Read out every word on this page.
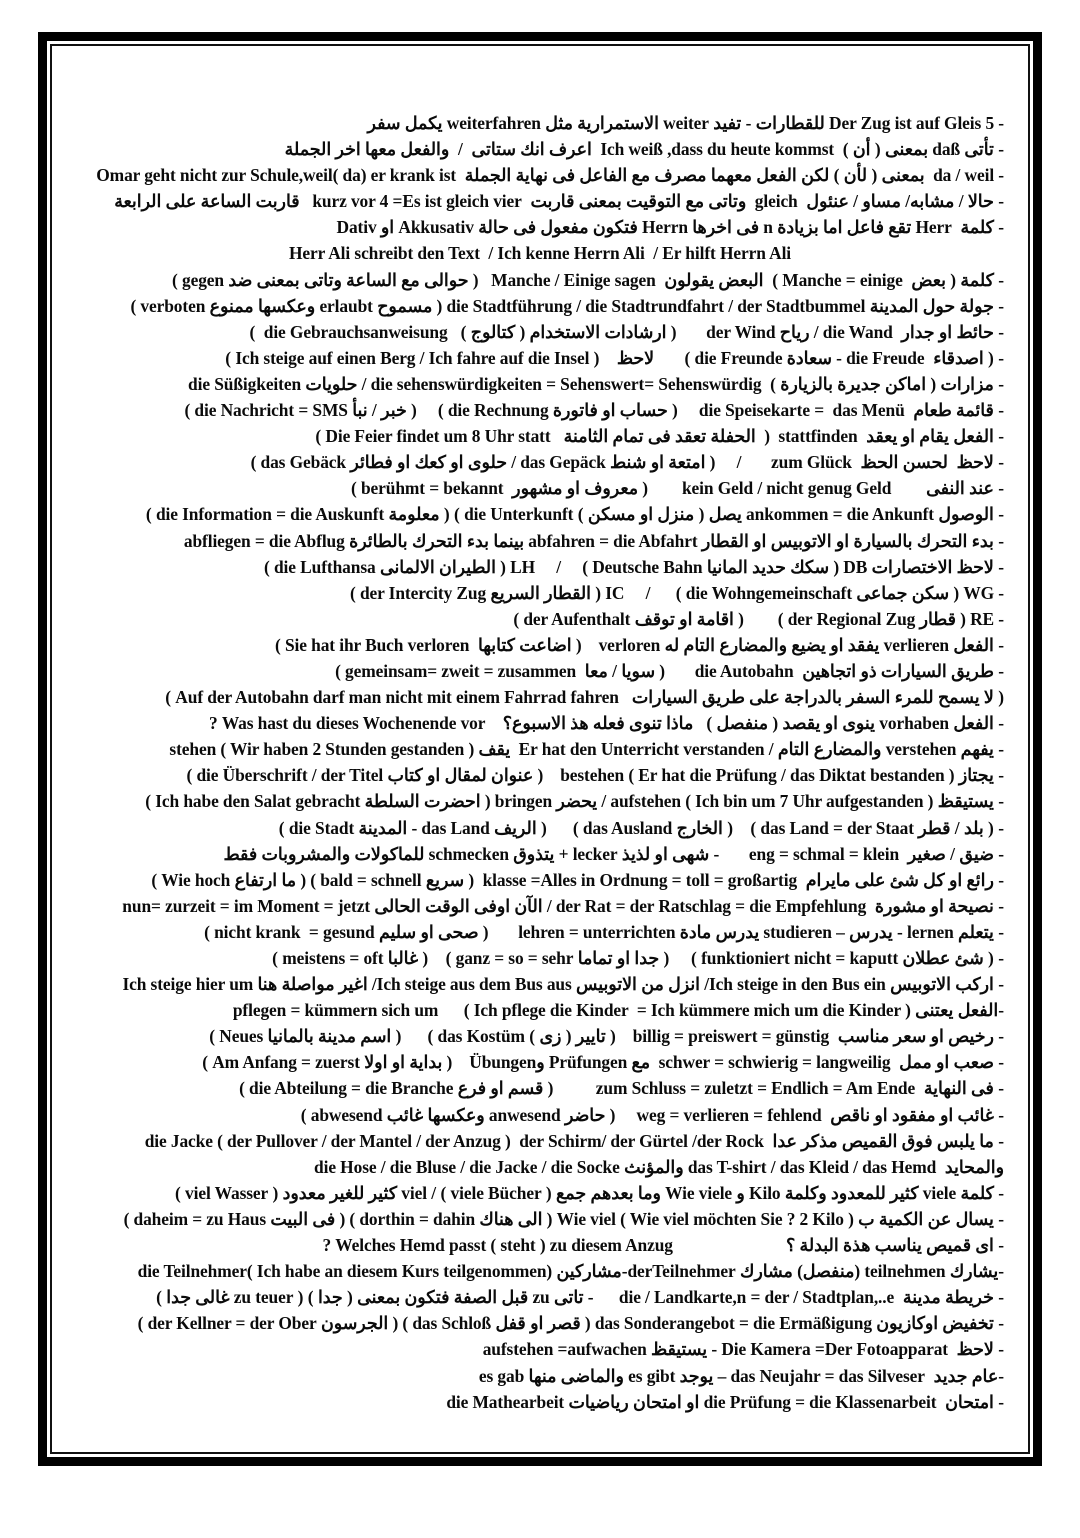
- Der Zug ist auf Gleis 5 للقطارات - تفيد weiter الاستمرارية مثل weiterfahren يكمل سفر

- تأتى daß بمعنى ( أن )  Ich weiß ,dass du heute kommst  اعرف انك ستاتى  /  والفعل معها اخر الجملة

- da / weil  بمعنى ( لأن ) لكن الفعل معهما مصرف مع الفاعل فى نهاية الجملة  Omar geht nicht zur Schule,weil( da) er krank ist

- حالا / مشابه/ مساو / عنئول  gleich  وتاتى مع التوقيت بمعنى قاربت  kurz vor 4 =Es ist gleich vier   قاربت الساعة على الرابعة

- كلمة  Herr تقع فاعل اما بزيادة n فى اخرها Herrn فتكون مفعول فى حالة Akkusativ او Dativ

Herr Ali schreibt den Text  / Ich kenne Herrn Ali  / Er hilft Herrn Ali

- كلمة ( بعض  Manche = einige )  البعض يقولون  Manche / Einige sagen   ( حوالى مع الساعة وتاتى بمعنى ضد gegen )

- جولة حول المدينة die Stadtführung / die Stadtrundfahrt / der Stadtbummel ( مسموح erlaubt وعكسها ممنوع verboten )

- حائط او جدار  die Wand / رياح der Wind       ( ارشادات الاستخدام ( كتالوج )   die Gebrauchsanweisung  )

- ( اصدقاء  die Freude - سعادة die Freunde )       لاحظ    ( Ich steige auf einen Berg / Ich fahre auf die Insel )

- مزارات ( اماكن جديرة بالزيارة )  die sehenswürdigkeiten = Sehenswert= Sehenswürdig / حلويات die Süßigkeiten

- قائمة طعام  die Speisekarte =  das Menü     ( حساب او فاتورة die Rechnung )     ( خبر / نبأ die Nachricht = SMS )

- الفعل يقام او يعقد  stattfinden  (  الحفلة تعقد فى تمام الثامنة   Die Feier findet um 8 Uhr statt )

- لاحظ  لحسن الحظ  zum Glück       /     ( امتعة او شنط das Gepäck / حلوى او كعك او فطائر das Gebäck )

- عند النفى        kein Geld / nicht genug Geld        ( معروف او مشهور  berühmt = bekannt )

- الوصول ankommen = die Ankunft يصل ( منزل او مسكن ) die Unterkunft ) ( معلومة die Information = die Auskunft )

- بدء التحرك بالسيارة او الاتوبيس او القطار abfahren = die Abfahrt بينما بدء التحرك بالطائرة abfliegen = die Abflug

- لاحظ الاختصارات DB ( سكك حديد المانيا Deutsche Bahn )     /     LH ( الطيران الالمانى die Lufthansa )

- WG ( سكن جماعى die Wohngemeinschaft )      /     IC ( القطار السريع der Intercity Zug )

- RE ( قطار der Regional Zug )        ( اقامة او توقف der Aufenthalt )

- الفعل verlieren يفقد او يضيع والمضارع التام له verloren    ( اضاعت كتابها  Sie hat ihr Buch verloren )

- طريق السيارات ذو اتجاهين  die Autobahn       ( سويا / معا  gemeinsam= zweit = zusammen )

( لا يسمح للمرء السفر بالدراجة على طريق السيارات   Auf der Autobahn darf man nicht mit einem Fahrrad fahren )

- الفعل vorhaben ينوى او يقصد ( منفصل )   ماذا تنوى فعله هذ الاسبوع؟    Was hast du dieses Wochenende vor ?

- يفهم verstehen والمضارع التام / Er hat den Unterricht verstanden  يقف stehen ( Wir haben 2 Stunden gestanden )

- يجتاز bestehen ( Er hat die Prüfung / das Diktat bestanden )    ( عنوان لمقال او كتاب die Überschrift / der Titel )

- يستيقظ aufstehen ( Ich bin um 7 Uhr aufgestanden ) / يحضر bringen ( احضرت السلطة Ich habe den Salat gebracht )

- ( بلد / قطر das Land = der Staat )    ( الخارج das Ausland )      ( الريف das Land - المدينة die Stadt )

- ضيق / صغير  eng = schmal = klein       - شهى او لذيذ lecker + يتذوق schmecken للماكولات والمشروبات فقط

- رائع او كل شئ على مايرام  klasse =Alles in Ordnung = toll = großartig  ( سريع bald = schnell ) ( ما ارتفاع Wie hoch )

- نصيحة او مشورة  der Rat = der Ratschlag = die Empfehlung / الآن اوفى الوقت الحالى nun= zurzeit = im Moment = jetzt

- يتعلم lernen - يدرس – studieren يدرس مادة lehren = unterrichten       ( صحى او سليم nicht krank  = gesund )

- ( شئ عطلان funktioniert nicht = kaputt )     ( جدا او تماما ganz = so = sehr )    ( غالبا meistens = oft )

- اركب الاتوبيس Ich steige in den Bus ein/ انزل من الاتوبيس Ich steige aus dem Bus aus/ اغير مواصلة هنا Ich steige hier um

-الفعل يعتنى pflegen = kümmern sich um      ( Ich pflege die Kinder  = Ich kümmere mich um die Kinder )

- رخيص او سعر مناسب  billig = preiswert = günstig    ( تايير ( زى ) das Kostüm )      ( اسم مدينة بالمانيا Neues )

- صعب او ممل  schwer = schwierig = langweilig  مع Prüfungen وÜbungen    ( بداية او اولا Am Anfang = zuerst )

- فى النهاية  zum Schluss = zuletzt = Endlich = Am Ende          ( قسم او فرع die Abteilung = die Branche )

- غائب او مفقود او ناقص  weg = verlieren = fehlend     ( حاضر anwesend وعكسها غائب abwesend )

- ما يلبس فوق القميص مذكر عدا  die Jacke ( der Pullover / der Mantel / der Anzug )  der Schirm/ der Gürtel /der Rock

والمحايد  das T-shirt / das Kleid / das Hemd والمؤنث die Hose / die Bluse / die Jacke / die Socke

- كلمة viele كثير للمعدود وكلمة Kilo و Wie viele وما بعدهم جمع ( viele Bücher ) / viel كثير للغير معدود ( viel Wasser )

- يسال عن الكمية ب Wie viel ( Wie viel möchten Sie ? 2 Kilo ) ( الى هناك dorthin = dahin ) ( فى البيت daheim = zu Haus )

- اى قميص يناسب هذة البدلة ؟                          Welches Hemd passt ( steht ) zu diesem Anzug ?

-يشارك teilnehmen (منفصل) مشارك derTeilnehmer-مشاركين die Teilnehmer( Ich habe an diesem Kurs teilgenommen)

- خريطة مدينة  die / Landkarte,n = der / Stadtplan,..e      - تاتى zu قبل الصفة فتكون بمعنى ( جدا ) ( zu teuer غالى جدا )

- تخفيض اوكازيون das Sonderangebot = die Ermäßigung ( قصر او قفل das Schloß ) ( الجرسون der Kellner = der Ober )

- لاحظ  Die Kamera =Der Fotoapparat - يستيقظ aufstehen =aufwachen

-عام جديد  das Neujahr = das Silveser – يوجد es gibt والماضى منها es gab

- امتحان  die Prüfung = die Klassenarbeit او امتحان رياضيات die Mathearbeit
